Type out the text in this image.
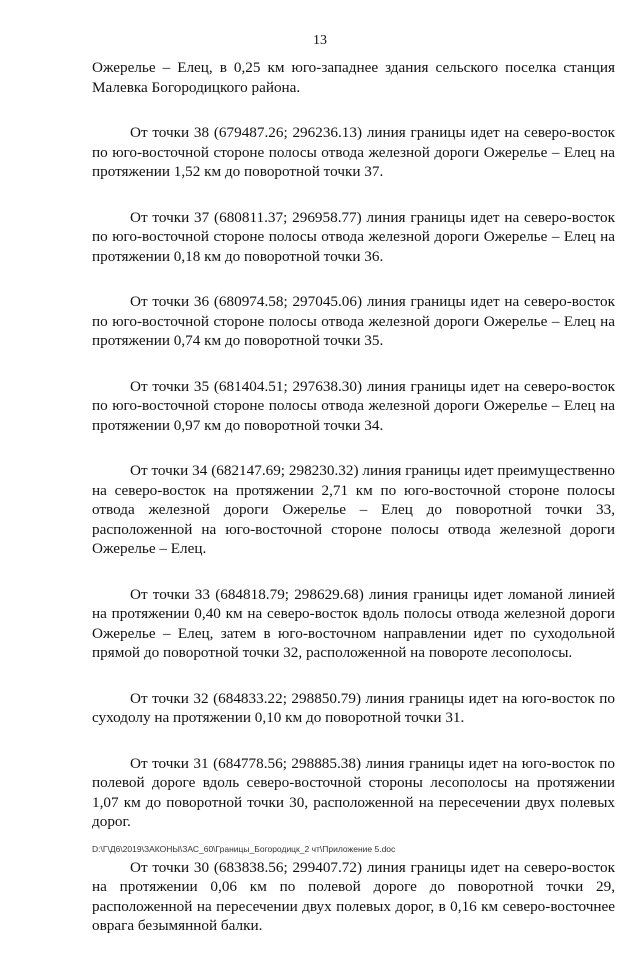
13

Ожерелье – Елец, в 0,25 км юго-западнее здания сельского поселка станция Малевка Богородицкого района.

От точки 38 (679487.26; 296236.13) линия границы идет на северо-восток по юго-восточной стороне полосы отвода железной дороги Ожерелье – Елец на протяжении 1,52 км до поворотной точки 37.

От точки 37 (680811.37; 296958.77) линия границы идет на северо-восток по юго-восточной стороне полосы отвода железной дороги Ожерелье – Елец на протяжении 0,18 км до поворотной точки 36.

От точки 36 (680974.58; 297045.06) линия границы идет на северо-восток по юго-восточной стороне полосы отвода железной дороги Ожерелье – Елец на протяжении 0,74 км до поворотной точки 35.

От точки 35 (681404.51; 297638.30) линия границы идет на северо-восток по юго-восточной стороне полосы отвода железной дороги Ожерелье – Елец на протяжении 0,97 км до поворотной точки 34.

От точки 34 (682147.69; 298230.32) линия границы идет преимущественно на северо-восток на протяжении 2,71 км по юго-восточной стороне полосы отвода железной дороги Ожерелье – Елец до поворотной точки 33, расположенной на юго-восточной стороне полосы отвода железной дороги Ожерелье – Елец.

От точки 33 (684818.79; 298629.68) линия границы идет ломаной линией на протяжении 0,40 км на северо-восток вдоль полосы отвода железной дороги Ожерелье – Елец, затем в юго-восточном направлении идет по суходольной прямой до поворотной точки 32, расположенной на повороте лесополосы.

От точки 32 (684833.22; 298850.79) линия границы идет на юго-восток по суходолу на протяжении 0,10 км до поворотной точки 31.

От точки 31 (684778.56; 298885.38) линия границы идет на юго-восток по полевой дороге вдоль северо-восточной стороны лесополосы на протяжении 1,07 км до поворотной точки 30, расположенной на пересечении двух полевых дорог.

От точки 30 (683838.56; 299407.72) линия границы идет на северо-восток на протяжении 0,06 км по полевой дороге до поворотной точки 29, расположенной на пересечении двух полевых дорог, в 0,16 км северо-восточнее оврага безымянной балки.

D:\Г\Д6\2019\ЗАКОНЫ\ЗАС_60\Границы_Богородицк_2 чт\Приложение 5.doc
